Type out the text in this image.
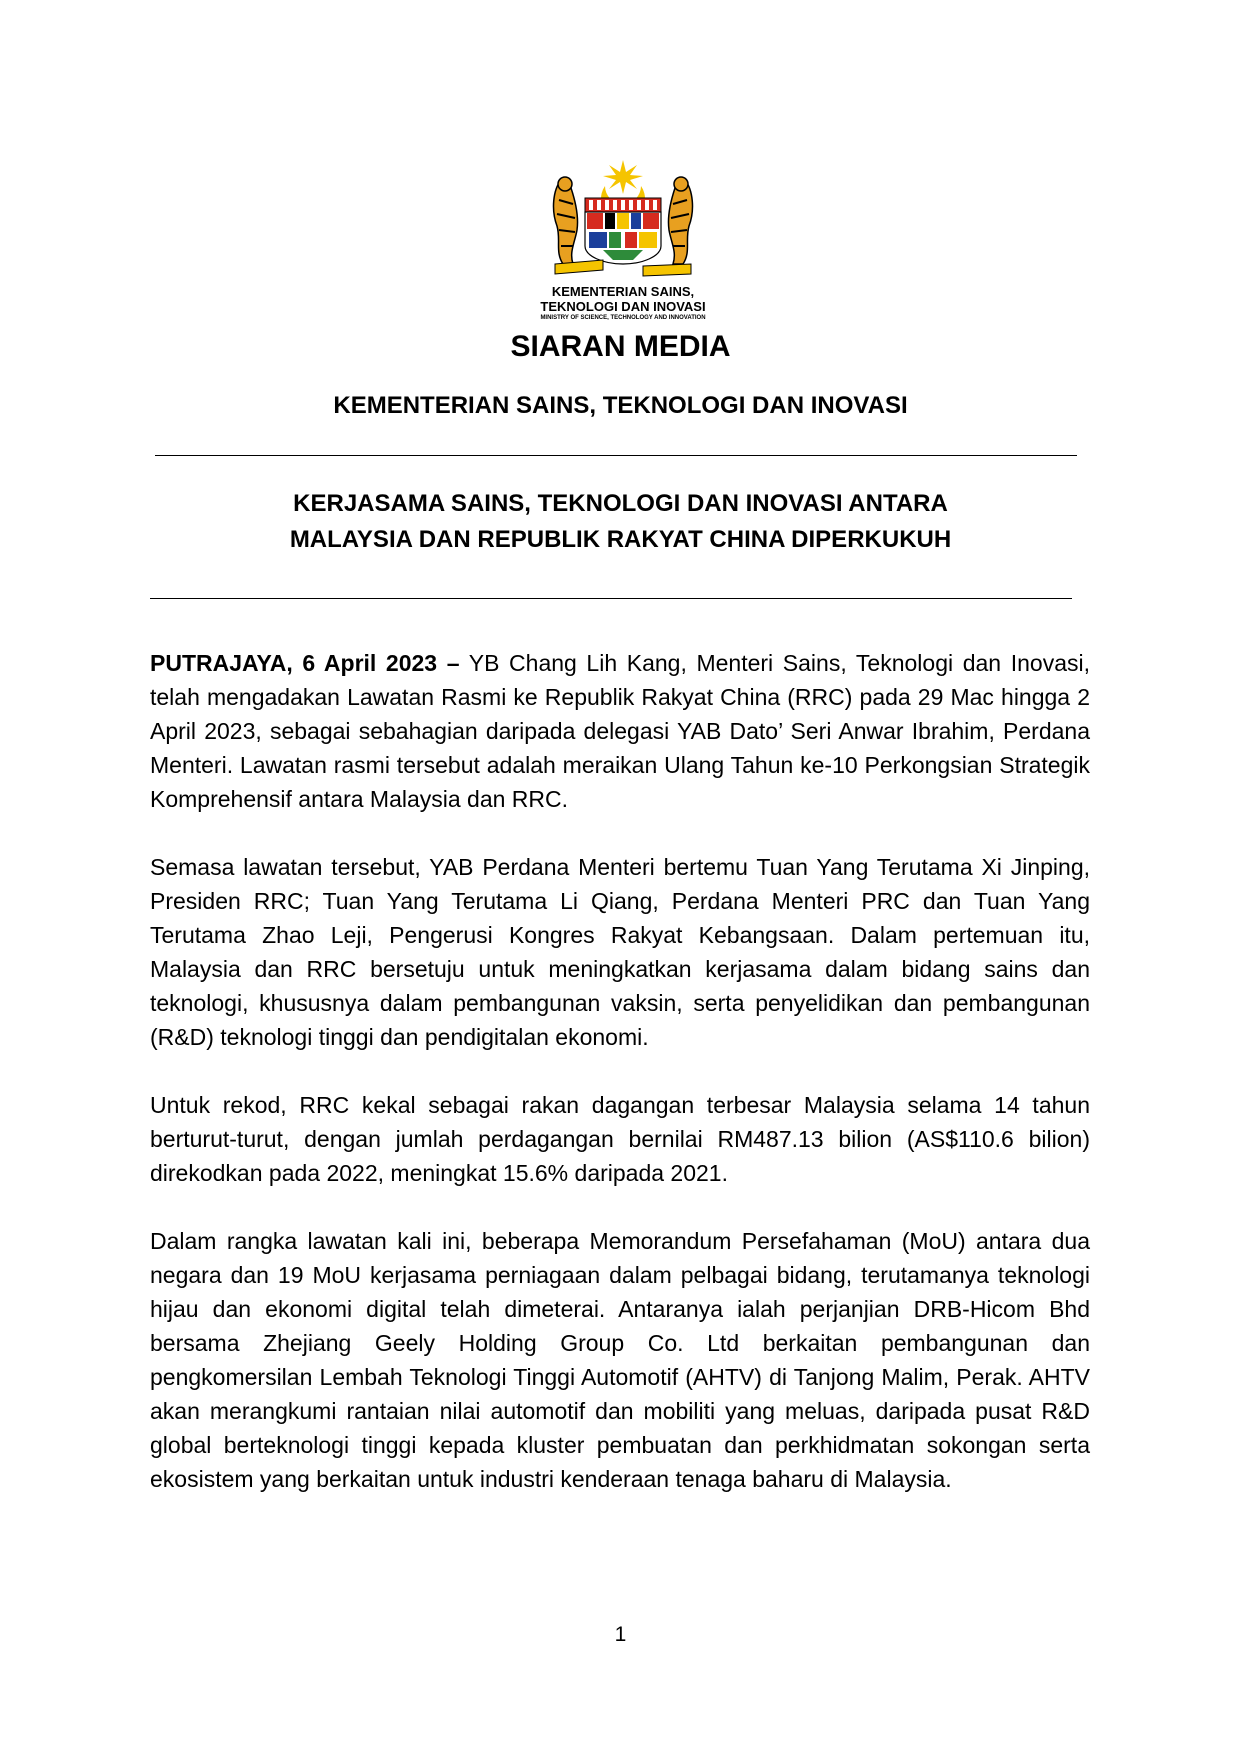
KEMENTERIAN SAINS,
TEKNOLOGI DAN INOVASI
MINISTRY OF SCIENCE, TECHNOLOGY AND INNOVATION
SIARAN MEDIA
KEMENTERIAN SAINS, TEKNOLOGI DAN INOVASI
KERJASAMA SAINS, TEKNOLOGI DAN INOVASI ANTARA
MALAYSIA DAN REPUBLIK RAKYAT CHINA DIPERKUKUH

PUTRAJAYA, 6 April 2023 – YB Chang Lih Kang, Menteri Sains, Teknologi dan Inovasi, telah mengadakan Lawatan Rasmi ke Republik Rakyat China (RRC) pada 29 Mac hingga 2 April 2023, sebagai sebahagian daripada delegasi YAB Dato’ Seri Anwar Ibrahim, Perdana Menteri. Lawatan rasmi tersebut adalah meraikan Ulang Tahun ke-10 Perkongsian Strategik Komprehensif antara Malaysia dan RRC.

Semasa lawatan tersebut, YAB Perdana Menteri bertemu Tuan Yang Terutama Xi Jinping, Presiden RRC; Tuan Yang Terutama Li Qiang, Perdana Menteri PRC dan Tuan Yang Terutama Zhao Leji, Pengerusi Kongres Rakyat Kebangsaan. Dalam pertemuan itu, Malaysia dan RRC bersetuju untuk meningkatkan kerjasama dalam bidang sains dan teknologi, khususnya dalam pembangunan vaksin, serta penyelidikan dan pembangunan (R&D) teknologi tinggi dan pendigitalan ekonomi.

Untuk rekod, RRC kekal sebagai rakan dagangan terbesar Malaysia selama 14 tahun berturut-turut, dengan jumlah perdagangan bernilai RM487.13 bilion (AS$110.6 bilion) direkodkan pada 2022, meningkat 15.6% daripada 2021.

Dalam rangka lawatan kali ini, beberapa Memorandum Persefahaman (MoU) antara dua negara dan 19 MoU kerjasama perniagaan dalam pelbagai bidang, terutamanya teknologi hijau dan ekonomi digital telah dimeterai. Antaranya ialah perjanjian DRB-Hicom Bhd bersama Zhejiang Geely Holding Group Co. Ltd berkaitan pembangunan dan pengkomersilan Lembah Teknologi Tinggi Automotif (AHTV) di Tanjong Malim, Perak. AHTV akan merangkumi rantaian nilai automotif dan mobiliti yang meluas, daripada pusat R&D global berteknologi tinggi kepada kluster pembuatan dan perkhidmatan sokongan serta ekosistem yang berkaitan untuk industri kenderaan tenaga baharu di Malaysia.

1
